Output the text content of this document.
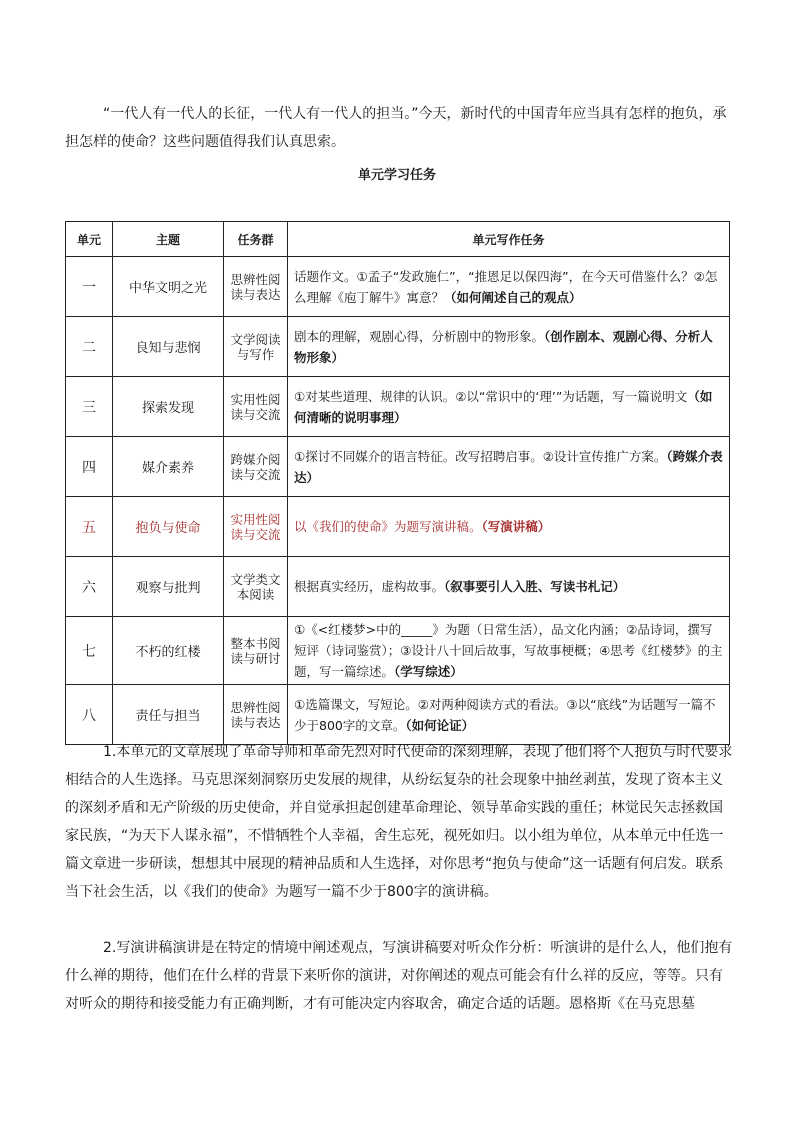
“一代人有一代人的长征，一代人有一代人的担当。”今天，新时代的中国青年应当具有怎样的抱负，承担怎样的使命？这些问题值得我们认真思索。

单元学习任务

单元	主题	任务群	单元写作任务
一	中华文明之光	思辨性阅读与表达	话题作文。①孟子“发政施仁”，“推恩足以保四海”，在今天可借鉴什么？②怎么理解《庖丁解牛》寓意？（如何阐述自己的观点）
二	良知与悲悯	文学阅读与写作	剧本的理解，观剧心得，分析剧中的物形象。（创作剧本、观剧心得、分析人物形象）
三	探索发现	实用性阅读与交流	①对某些道理、规律的认识。②以“常识中的‘理’”为话题，写一篇说明文（如何清晰的说明事理）
四	媒介素养	跨媒介阅读与交流	①探讨不同媒介的语言特征。改写招聘启事。②设计宣传推广方案。（跨媒介表达）
五	抱负与使命	实用性阅读与交流	以《我们的使命》为题写演讲稿。（写演讲稿）
六	观察与批判	文学类文本阅读	根据真实经历，虚构故事。（叙事要引人入胜、写读书札记）
七	不朽的红楼	整本书阅读与研讨	①《<红楼梦>中的_____》为题（日常生活），品文化内涵；②品诗词，撰写短评（诗词鉴赏）；③设计八十回后故事，写故事梗概；④思考《红楼梦》的主题，写一篇综述。（学写综述）
八	责任与担当	思辨性阅读与表达	①选篇课文，写短论。②对两种阅读方式的看法。③以“底线”为话题写一篇不少于800字的文章。（如何论证）

1.本单元的文章展现了革命导师和革命先烈对时代使命的深刻理解，表现了他们将个人抱负与时代要求相结合的人生选择。马克思深刻洞察历史发展的规律，从纷纭复杂的社会现象中抽丝剥茧，发现了资本主义的深刻矛盾和无产阶级的历史使命，并自觉承担起创建革命理论、领导革命实践的重任；林觉民矢志拯救国家民族，“为天下人谋永福”，不惜牺牲个人幸福，舍生忘死，视死如归。以小组为单位，从本单元中任选一篇文章进一步研读，想想其中展现的精神品质和人生选择，对你思考“抱负与使命”这一话题有何启发。联系当下社会生活，以《我们的使命》为题写一篇不少于800字的演讲稿。

2.写演讲稿演讲是在特定的情境中阐述观点，写演讲稿要对听众作分析：听演讲的是什么人，他们抱有什么禅的期待，他们在什么样的背景下来听你的演讲，对你阐述的观点可能会有什么祥的反应，等等。只有对听众的期待和接受能力有正确判断，才有可能决定内容取舍，确定合适的话题。恩格斯《在马克思墓
